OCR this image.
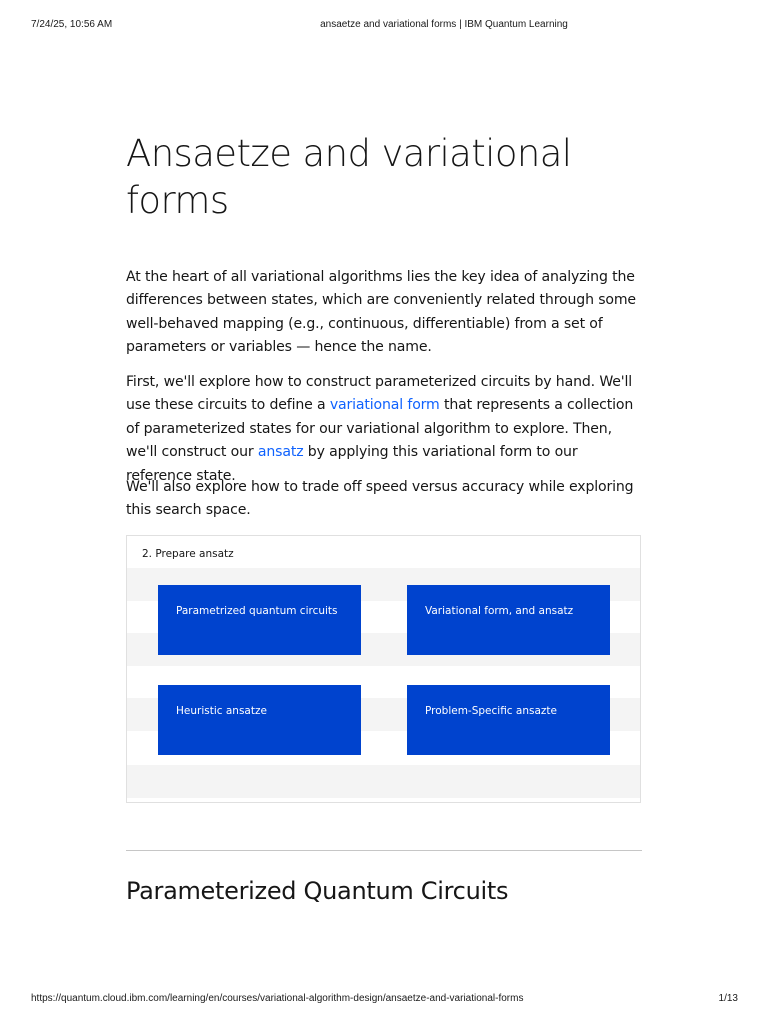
7/24/25, 10:56 AM	ansaetze and variational forms | IBM Quantum Learning
Ansaetze and variational forms

At the heart of all variational algorithms lies the key idea of analyzing the differences between states, which are conveniently related through some well-behaved mapping (e.g., continuous, differentiable) from a set of parameters or variables — hence the name.

First, we'll explore how to construct parameterized circuits by hand. We'll use these circuits to define a variational form that represents a collection of parameterized states for our variational algorithm to explore. Then, we'll construct our ansatz by applying this variational form to our reference state.

We'll also explore how to trade off speed versus accuracy while exploring this search space.

2. Prepare ansatz
Parametrized quantum circuits	Variational form, and ansatz
Heuristic ansatze	Problem-Specific ansazte
Parameterized Quantum Circuits
https://quantum.cloud.ibm.com/learning/en/courses/variational-algorithm-design/ansaetze-and-variational-forms	1/13
